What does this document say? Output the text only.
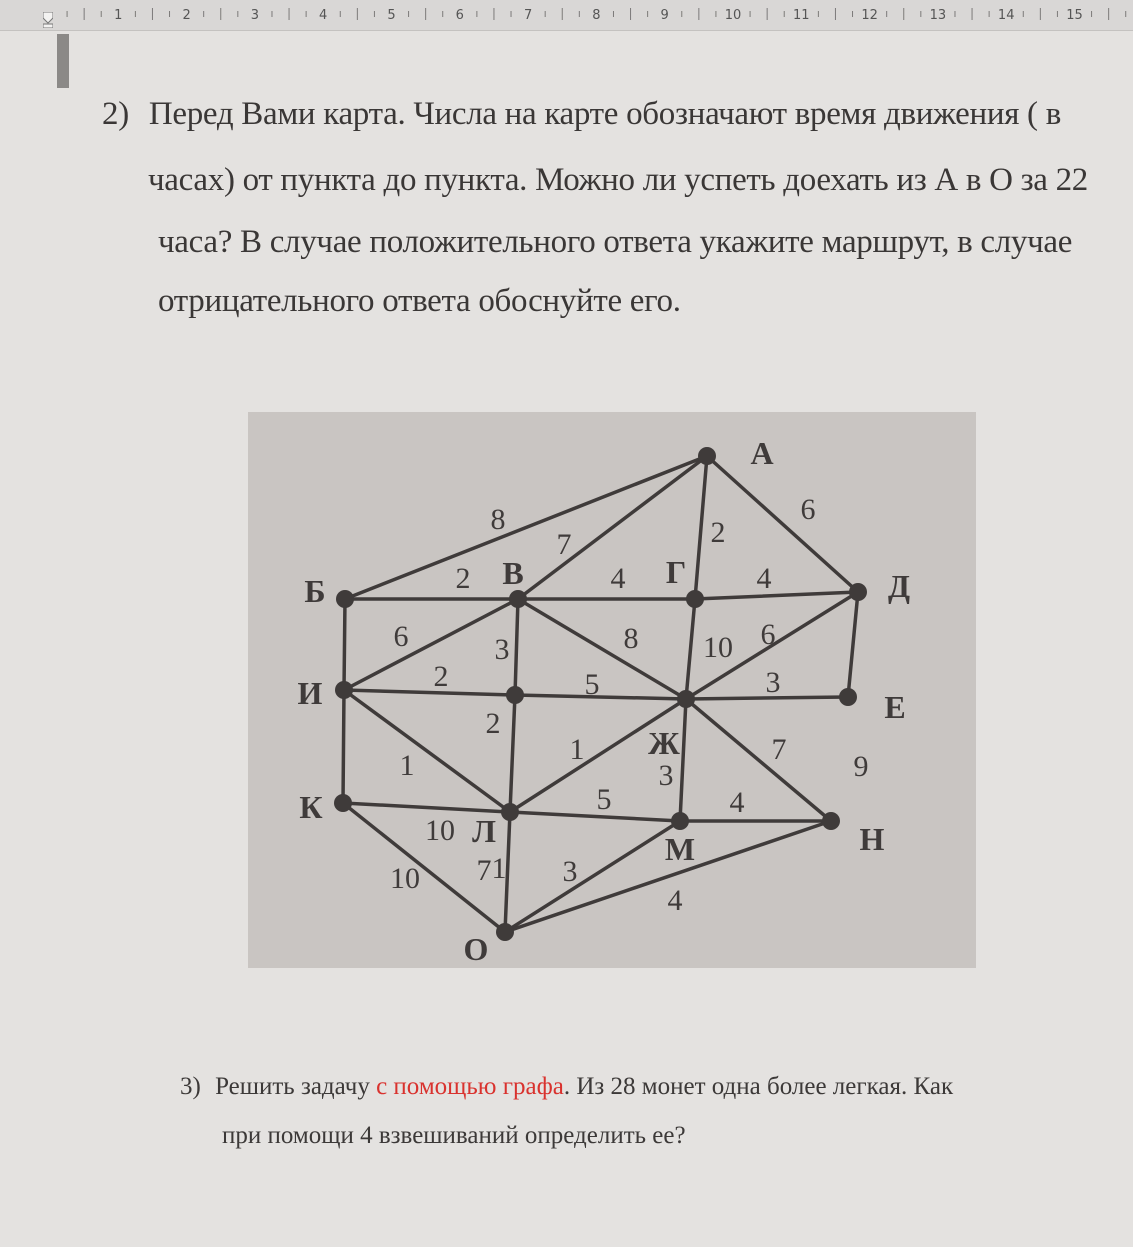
1	2	3	4	5	6	7	8	9	10	11	12	13	14	15
2) Перед Вами карта. Числа на карте обозначают время движения ( в
часах) от пункта до пункта. Можно ли успеть доехать из А в О за 22
часа? В случае положительного ответа укажите маршрут, в случае
отрицательного ответа обоснуйте его.
8
7	2
6
2	4	4
6
2
8 10 6
3
5	3
2
1	1
3
7
9
5	4
10
1
10 7 3
4
А
Б	В	Г	Д
И	Е
Ж
К
Л	М	Н
О
3) Решить задачу с помощью графа. Из 28 монет одна более легкая. Как
при помощи 4 взвешиваний определить ее?
